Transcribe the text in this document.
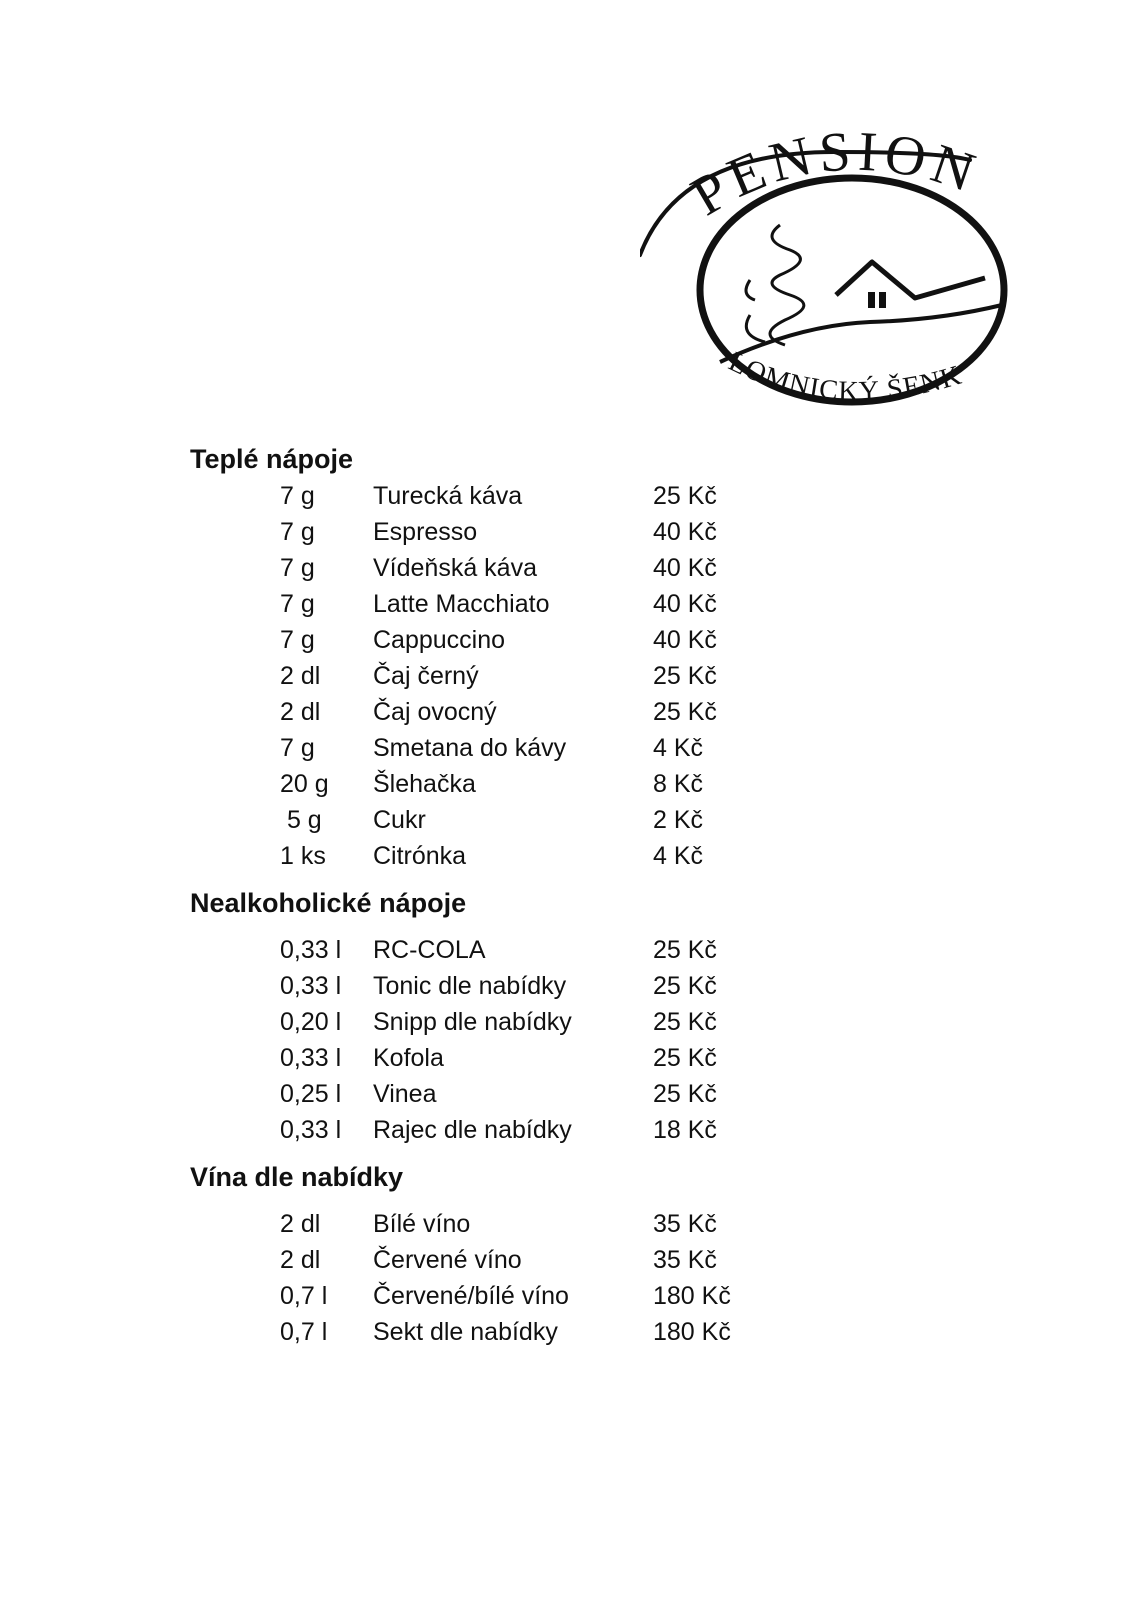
PENSION
LOMNICKÝ ŠENK
Teplé nápoje
7 g Turecká káva	25 Kč
7 g Espresso	40 Kč
7 g Vídeňská káva	40 Kč
7 g Latte Macchiato	40 Kč
7 g Cappuccino	40 Kč
2 dl Čaj černý	25 Kč
2 dl Čaj ovocný	25 Kč
7 g Smetana do kávy	4 Kč
20 g Šlehačka	8 Kč
5 g Cukr	2 Kč
1 ks Citrónka	4 Kč
Nealkoholické nápoje
0,33 l RC-COLA	25 Kč
0,33 l Tonic dle nabídky	25 Kč
0,20 l Snipp dle nabídky	25 Kč
0,33 l Kofola	25 Kč
0,25 l Vinea	25 Kč
0,33 l Rajec dle nabídky	18 Kč
Vína dle nabídky
2 dl Bílé víno	35 Kč
2 dl Červené víno	35 Kč
0,7 l Červené/bílé víno	180 Kč
0,7 l Sekt dle nabídky	180 Kč
